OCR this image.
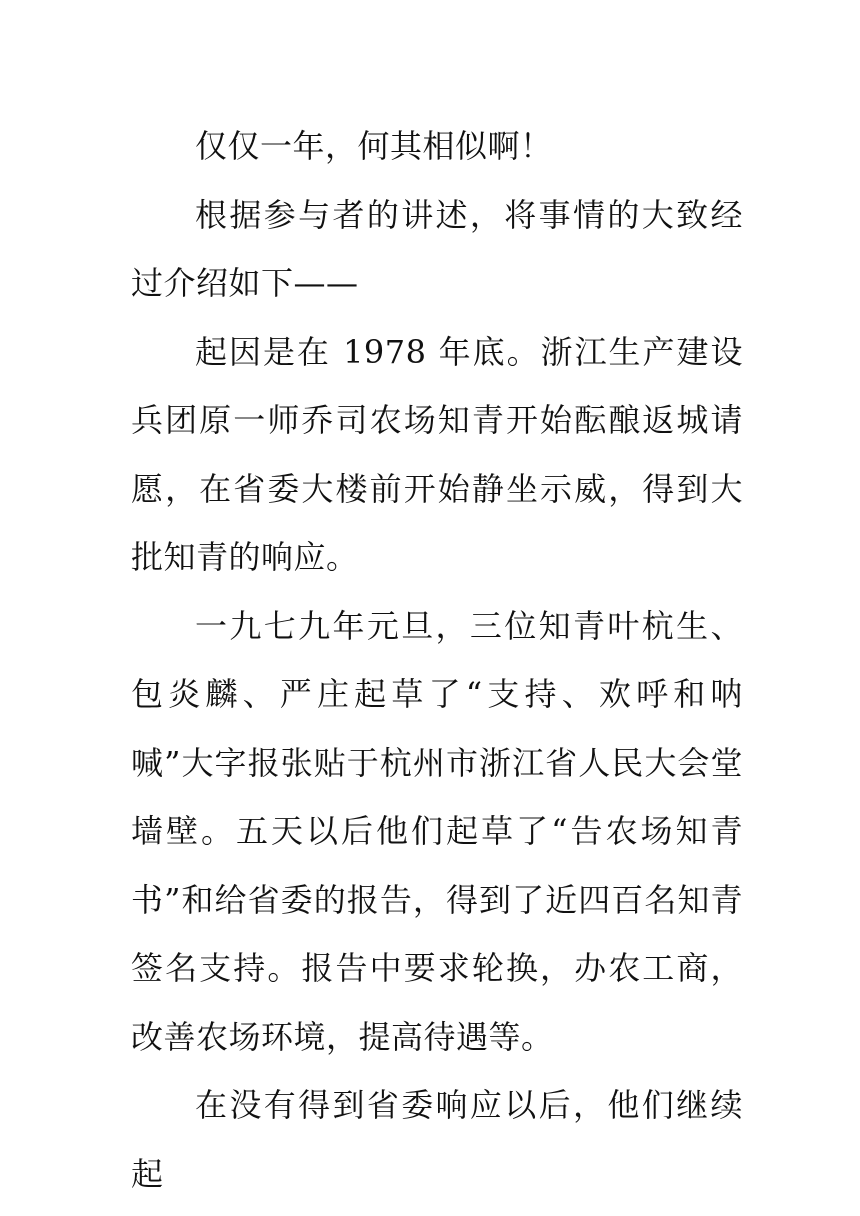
仅仅一年，何其相似啊！

根据参与者的讲述，将事情的大致经过介绍如下——

起因是在 1978 年底。浙江生产建设兵团原一师乔司农场知青开始酝酿返城请愿，在省委大楼前开始静坐示威，得到大批知青的响应。

一九七九年元旦，三位知青叶杭生、包炎麟、严庄起草了“支持、欢呼和呐喊”大字报张贴于杭州市浙江省人民大会堂墙壁。五天以后他们起草了“告农场知青书”和给省委的报告，得到了近四百名知青签名支持。报告中要求轮换，办农工商，改善农场环境，提高待遇等。

在没有得到省委响应以后，他们继续起
